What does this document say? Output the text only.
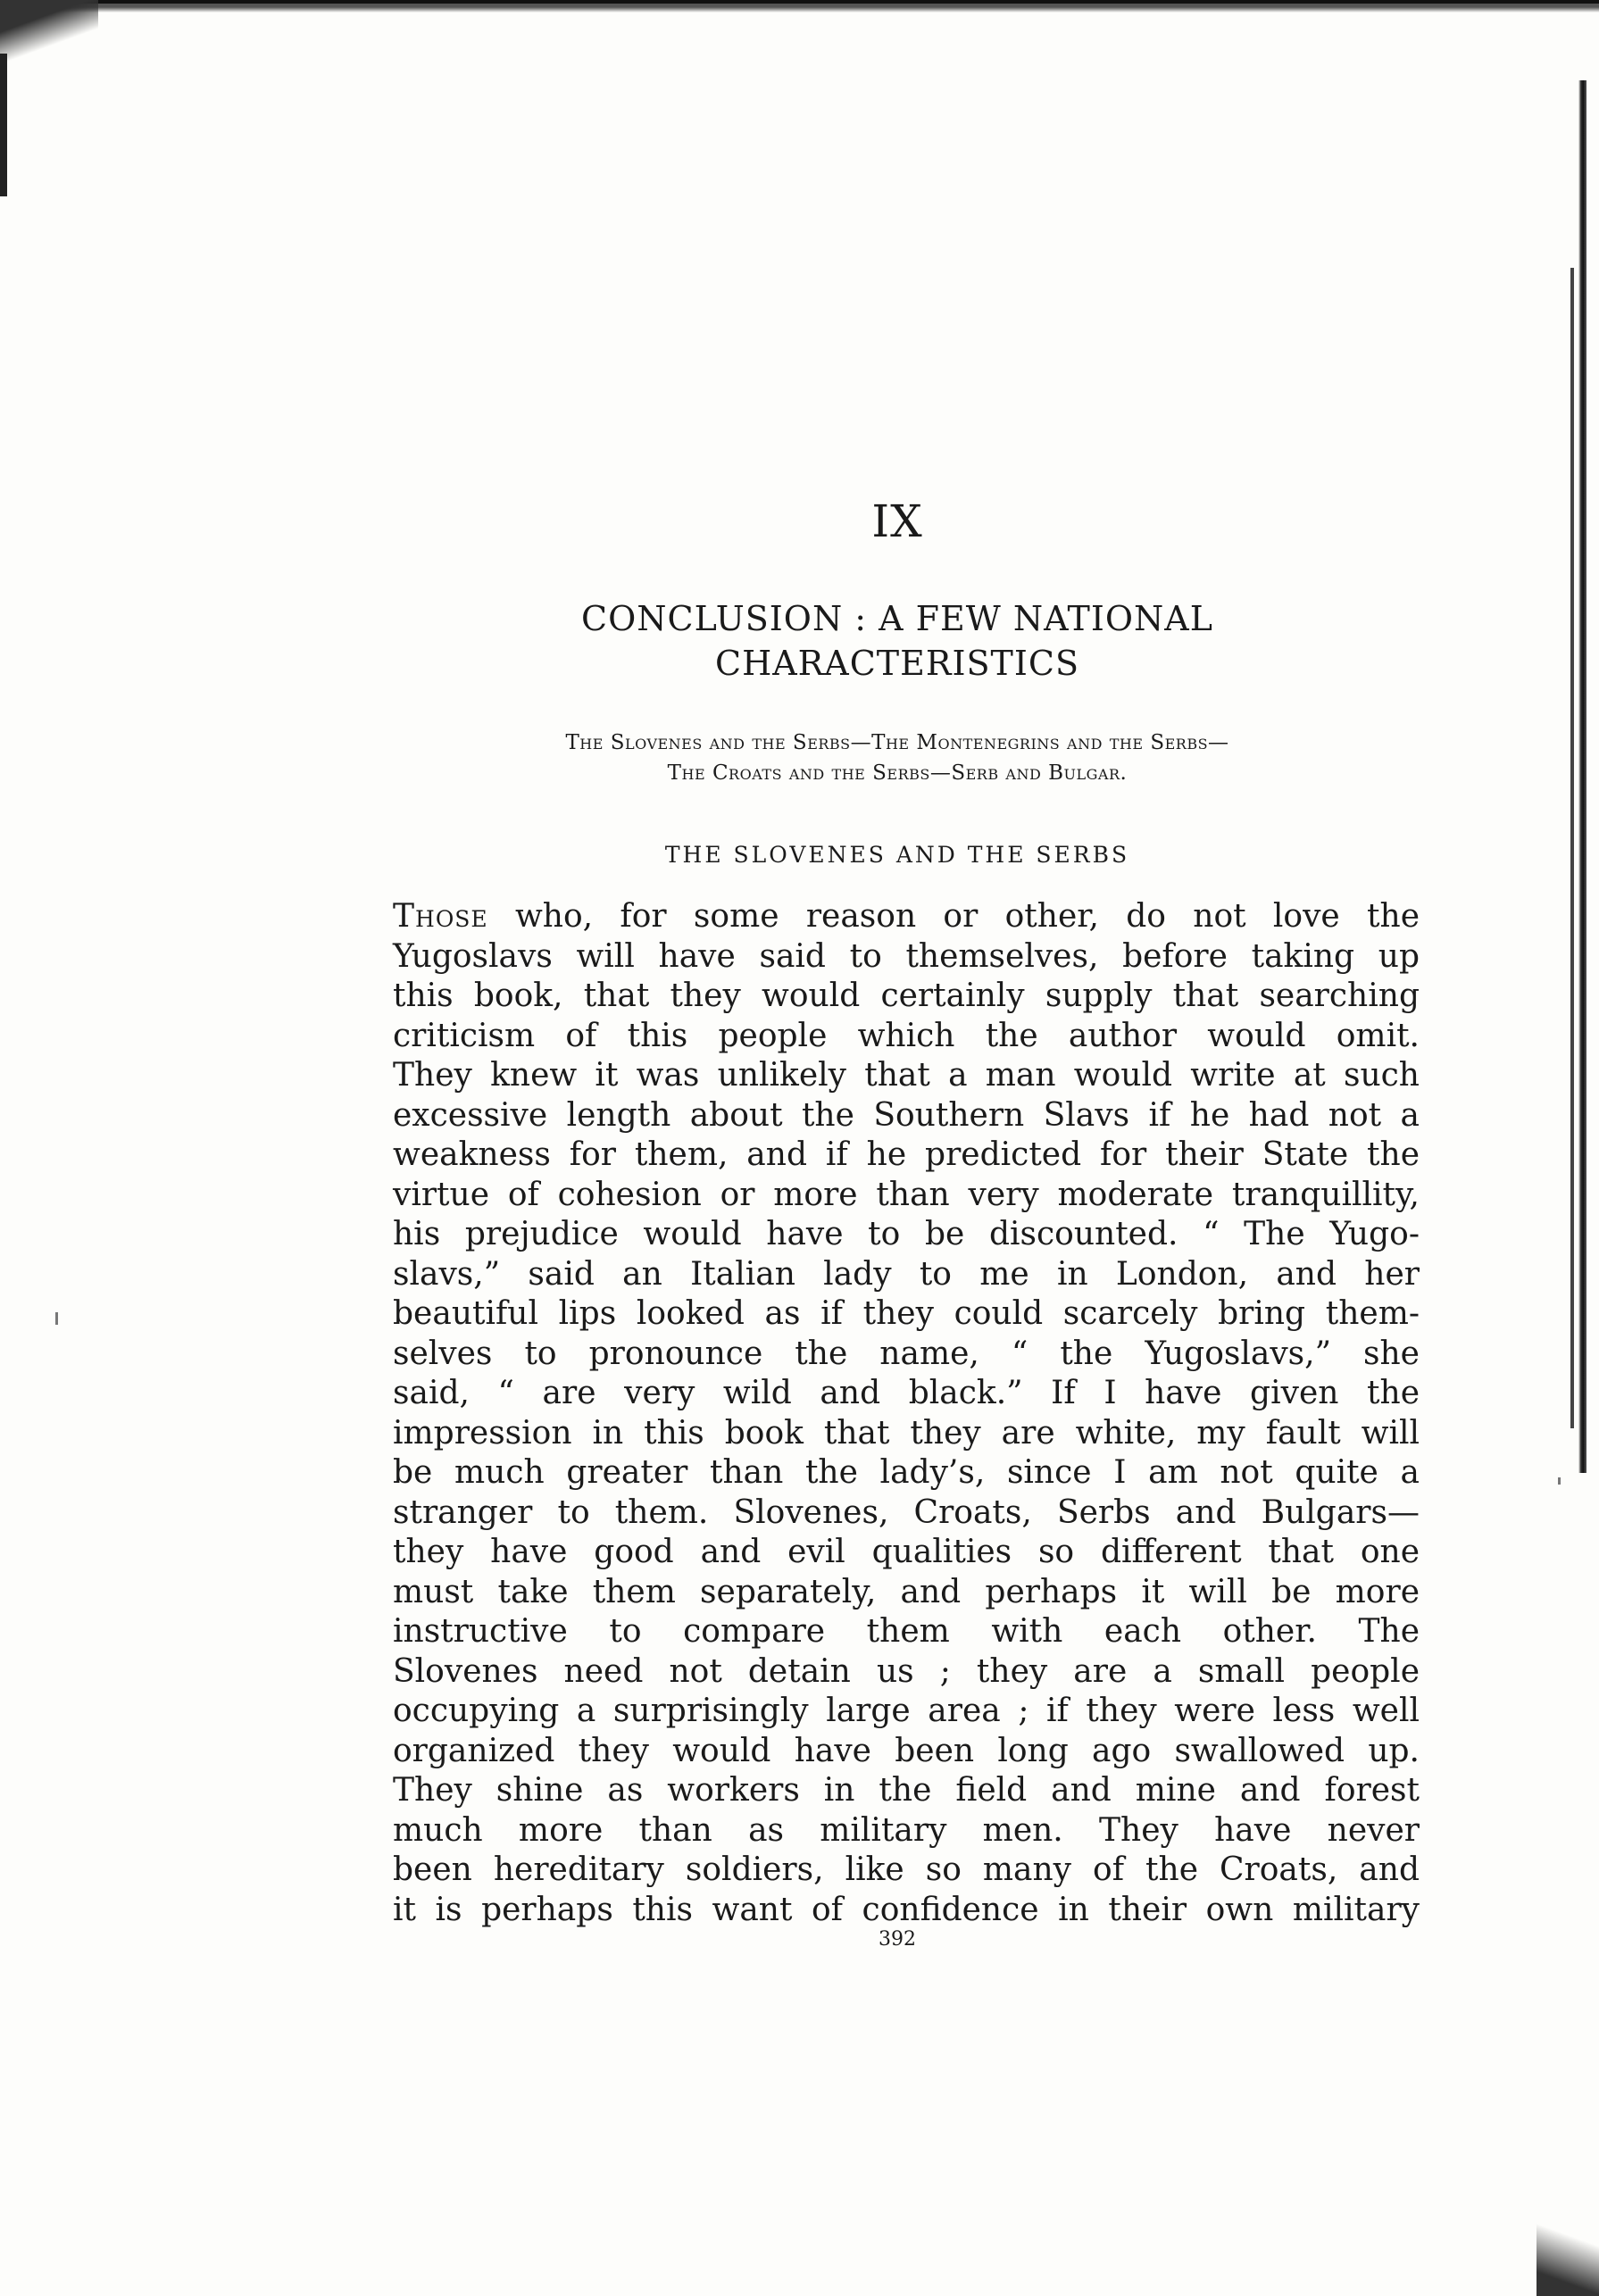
IX
CONCLUSION : A FEW NATIONAL
CHARACTERISTICS
The Slovenes and the Serbs—The Montenegrins and the Serbs—
The Croats and the Serbs—Serb and Bulgar.
THE SLOVENES AND THE SERBS
Those who, for some reason or other, do not love the
Yugoslavs will have said to themselves, before taking up
this book, that they would certainly supply that searching
criticism of this people which the author would omit.
They knew it was unlikely that a man would write at such
excessive length about the Southern Slavs if he had not a
weakness for them, and if he predicted for their State the
virtue of cohesion or more than very moderate tranquillity,
his prejudice would have to be discounted. “ The Yugo-
slavs,” said an Italian lady to me in London, and her
beautiful lips looked as if they could scarcely bring them-
selves to pronounce the name, “ the Yugoslavs,” she
said, “ are very wild and black.” If I have given the
impression in this book that they are white, my fault will
be much greater than the lady’s, since I am not quite a
stranger to them. Slovenes, Croats, Serbs and Bulgars—
they have good and evil qualities so different that one
must take them separately, and perhaps it will be more
instructive to compare them with each other. The
Slovenes need not detain us ; they are a small people
occupying a surprisingly large area ; if they were less well
organized they would have been long ago swallowed up.
They shine as workers in the field and mine and forest
much more than as military men. They have never
been hereditary soldiers, like so many of the Croats, and
it is perhaps this want of confidence in their own military
392
